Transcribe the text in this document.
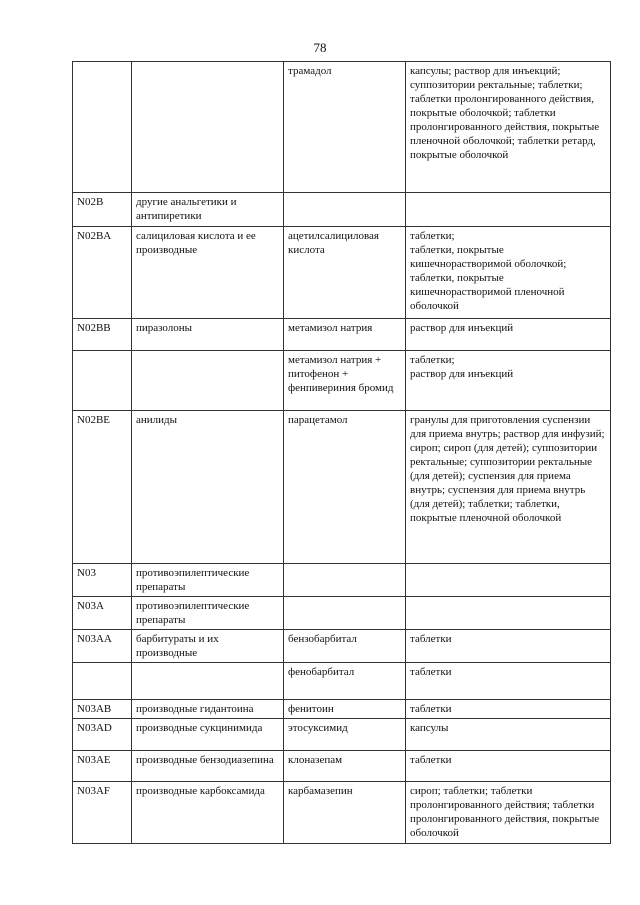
78

		трамадол	капсулы; раствор для инъекций; суппозитории ректальные; таблетки; таблетки пролонгированного действия, покрытые оболочкой; таблетки пролонгированного действия, покрытые пленочной оболочкой; таблетки ретард, покрытые оболочкой

N02B	другие анальгетики и антипиретики		

N02BA	салициловая кислота и ее производные	ацетилсалициловая кислота	таблетки;
таблетки, покрытые кишечнорастворимой оболочкой; таблетки, покрытые кишечнорастворимой пленочной оболочкой

N02BB	пиразолоны	метамизол натрия	раствор для инъекций

		метамизол натрия + питофенон + фенпивериния бромид	таблетки;
раствор для инъекций

N02BE	анилиды	парацетамол	гранулы для приготовления суспензии для приема внутрь; раствор для инфузий; сироп; сироп (для детей); суппозитории ректальные; суппозитории ректальные (для детей); суспензия для приема внутрь; суспензия для приема внутрь (для детей); таблетки; таблетки, покрытые пленочной оболочкой

N03	противоэпилептические препараты		

N03A	противоэпилептические препараты		

N03AA	барбитураты и их производные	бензобарбитал	таблетки

		фенобарбитал	таблетки

N03AB	производные гидантоина	фенитоин	таблетки

N03AD	производные сукцинимида	этосуксимид	капсулы

N03AE	производные бензодиазепина	клоназепам	таблетки

N03AF	производные карбоксамида	карбамазепин	сироп; таблетки; таблетки пролонгированного действия; таблетки пролонгированного действия, покрытые оболочкой
